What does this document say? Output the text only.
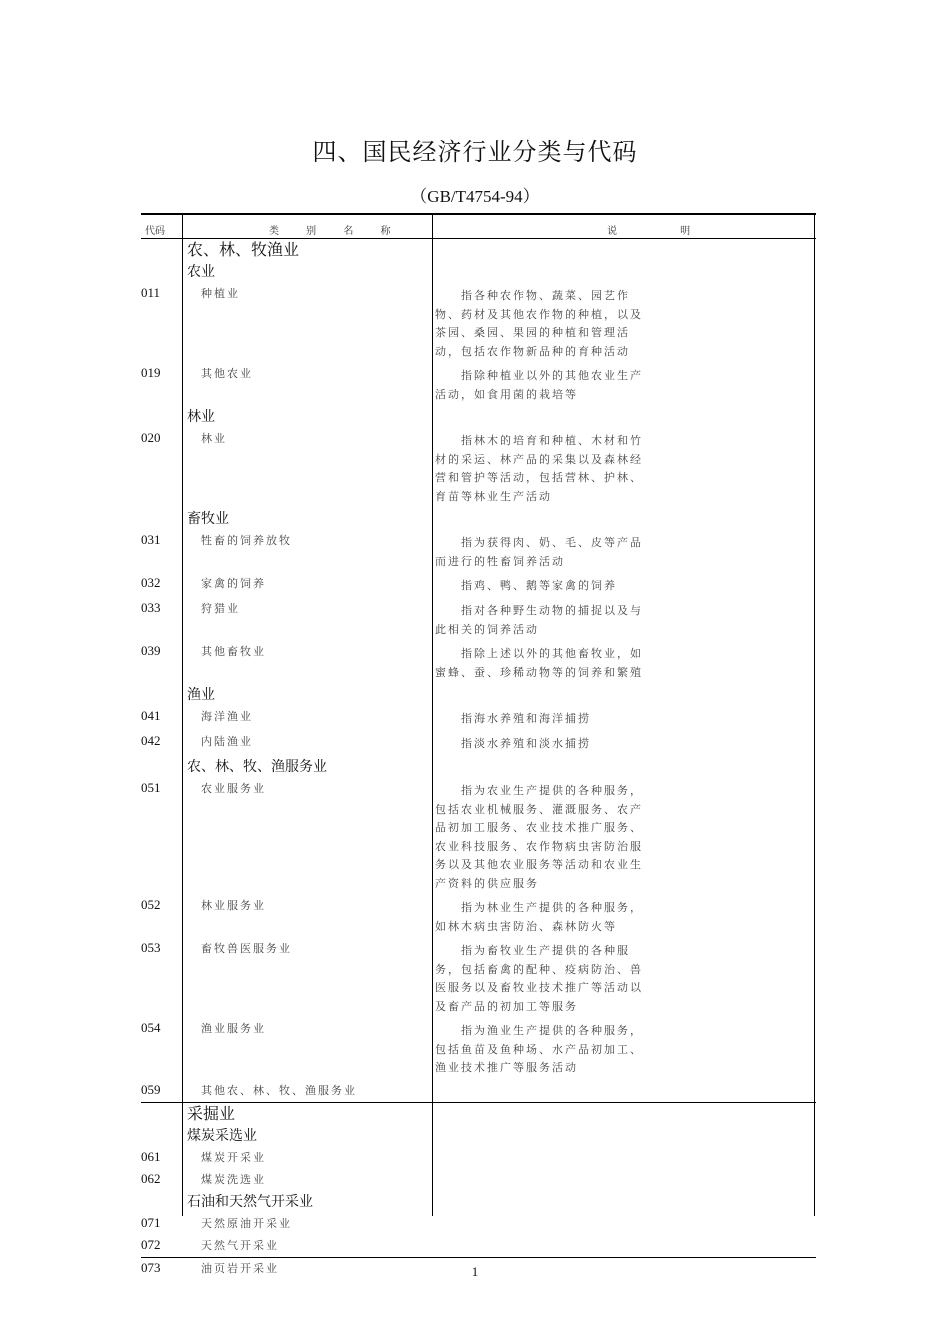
四、国民经济行业分类与代码
（GB/T4754-94）
代码	类 别 名 称	说 明
农、林、牧渔业
农业
011	种植业	指各种农作物、蔬菜、园艺作物、药材及其他农作物的种植，以及茶园、桑园、果园的种植和管理活动，包括农作物新品种的育种活动
019	其他农业	指除种植业以外的其他农业生产活动，如食用菌的栽培等
林业
020	林业	指林木的培育和种植、木材和竹材的采运、林产品的采集以及森林经营和管护等活动，包括营林、护林、育苗等林业生产活动
畜牧业
031	牲畜的饲养放牧	指为获得肉、奶、毛、皮等产品而进行的牲畜饲养活动
032	家禽的饲养	指鸡、鸭、鹅等家禽的饲养
033	狩猎业	指对各种野生动物的捕捉以及与此相关的饲养活动
039	其他畜牧业	指除上述以外的其他畜牧业，如蜜蜂、蚕、珍稀动物等的饲养和繁殖
渔业
041	海洋渔业	指海水养殖和海洋捕捞
042	内陆渔业	指淡水养殖和淡水捕捞
农、林、牧、渔服务业
051	农业服务业	指为农业生产提供的各种服务，包括农业机械服务、灌溉服务、农产品初加工服务、农业技术推广服务、农业科技服务、农作物病虫害防治服务以及其他农业服务等活动和农业生产资料的供应服务
052	林业服务业	指为林业生产提供的各种服务，如林木病虫害防治、森林防火等
053	畜牧兽医服务业	指为畜牧业生产提供的各种服务，包括畜禽的配种、疫病防治、兽医服务以及畜牧业技术推广等活动以及畜产品的初加工等服务
054	渔业服务业	指为渔业生产提供的各种服务，包括鱼苗及鱼种场、水产品初加工、渔业技术推广等服务活动
059	其他农、林、牧、渔服务业
采掘业
煤炭采选业
061	煤炭开采业
062	煤炭洗选业
石油和天然气开采业
071	天然原油开采业
072	天然气开采业
073	油页岩开采业	1
